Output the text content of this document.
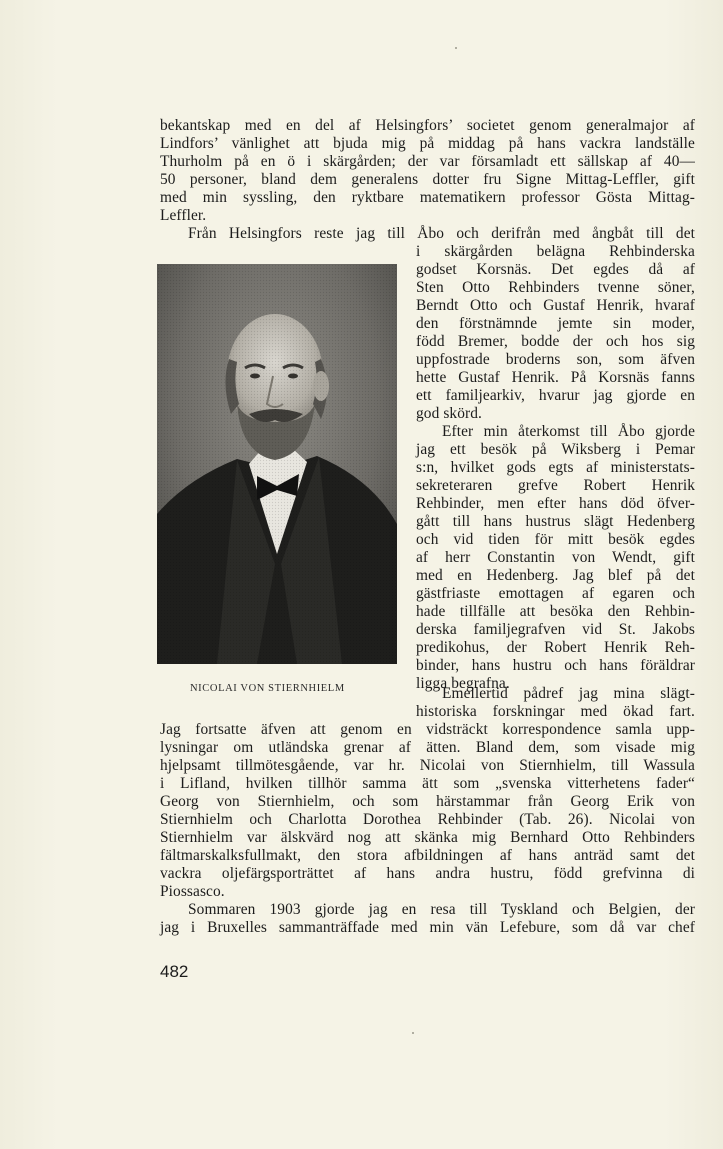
bekantskap med en del af Helsingfors’ societet genom generalmajor af
Lindfors’ vänlighet att bjuda mig på middag på hans vackra landställe
Thurholm på en ö i skärgården; der var församladt ett sällskap af 40—
50 personer, bland dem generalens dotter fru Signe Mittag-Leffler, gift
med min syssling, den ryktbare matematikern professor Gösta Mittag-
Leffler.
Från Helsingfors reste jag till Åbo och derifrån med ångbåt till det
i skärgården belägna Rehbinderska
godset Korsnäs. Det egdes då af
Sten Otto Rehbinders tvenne söner,
Berndt Otto och Gustaf Henrik, hvaraf
den förstnämnde jemte sin moder,
född Bremer, bodde der och hos sig
uppfostrade broderns son, som äfven
hette Gustaf Henrik. På Korsnäs fanns
ett familjearkiv, hvarur jag gjorde en
god skörd.
Efter min återkomst till Åbo gjorde
jag ett besök på Wiksberg i Pemar
s:n, hvilket gods egts af ministerstats-
sekreteraren grefve Robert Henrik
Rehbinder, men efter hans död öfver-
gått till hans hustrus slägt Hedenberg
och vid tiden för mitt besök egdes
af herr Constantin von Wendt, gift
med en Hedenberg. Jag blef på det
gästfriaste emottagen af egaren och
hade tillfälle att besöka den Rehbin-
derska familjegrafven vid St. Jakobs
predikohus, der Robert Henrik Reh-
binder, hans hustru och hans föräldrar
ligga begrafna.
Emellertid pådref jag mina slägt-
historiska forskningar med ökad fart.
NICOLAI VON STIERNHIELM
Jag fortsatte äfven att genom en vidsträckt korrespondence samla upp-
lysningar om utländska grenar af ätten. Bland dem, som visade mig
hjelpsamt tillmötesgående, var hr. Nicolai von Stiernhielm, till Wassula
i Lifland, hvilken tillhör samma ätt som „svenska vitterhetens fader“
Georg von Stiernhielm, och som härstammar från Georg Erik von
Stiernhielm och Charlotta Dorothea Rehbinder (Tab. 26). Nicolai von
Stiernhielm var älskvärd nog att skänka mig Bernhard Otto Rehbinders
fältmarskalksfullmakt, den stora afbildningen af hans anträd samt det
vackra oljefärgsporträttet af hans andra hustru, född grefvinna di
Piossasco.
Sommaren 1903 gjorde jag en resa till Tyskland och Belgien, der
jag i Bruxelles sammanträffade med min vän Lefebure, som då var chef
482
